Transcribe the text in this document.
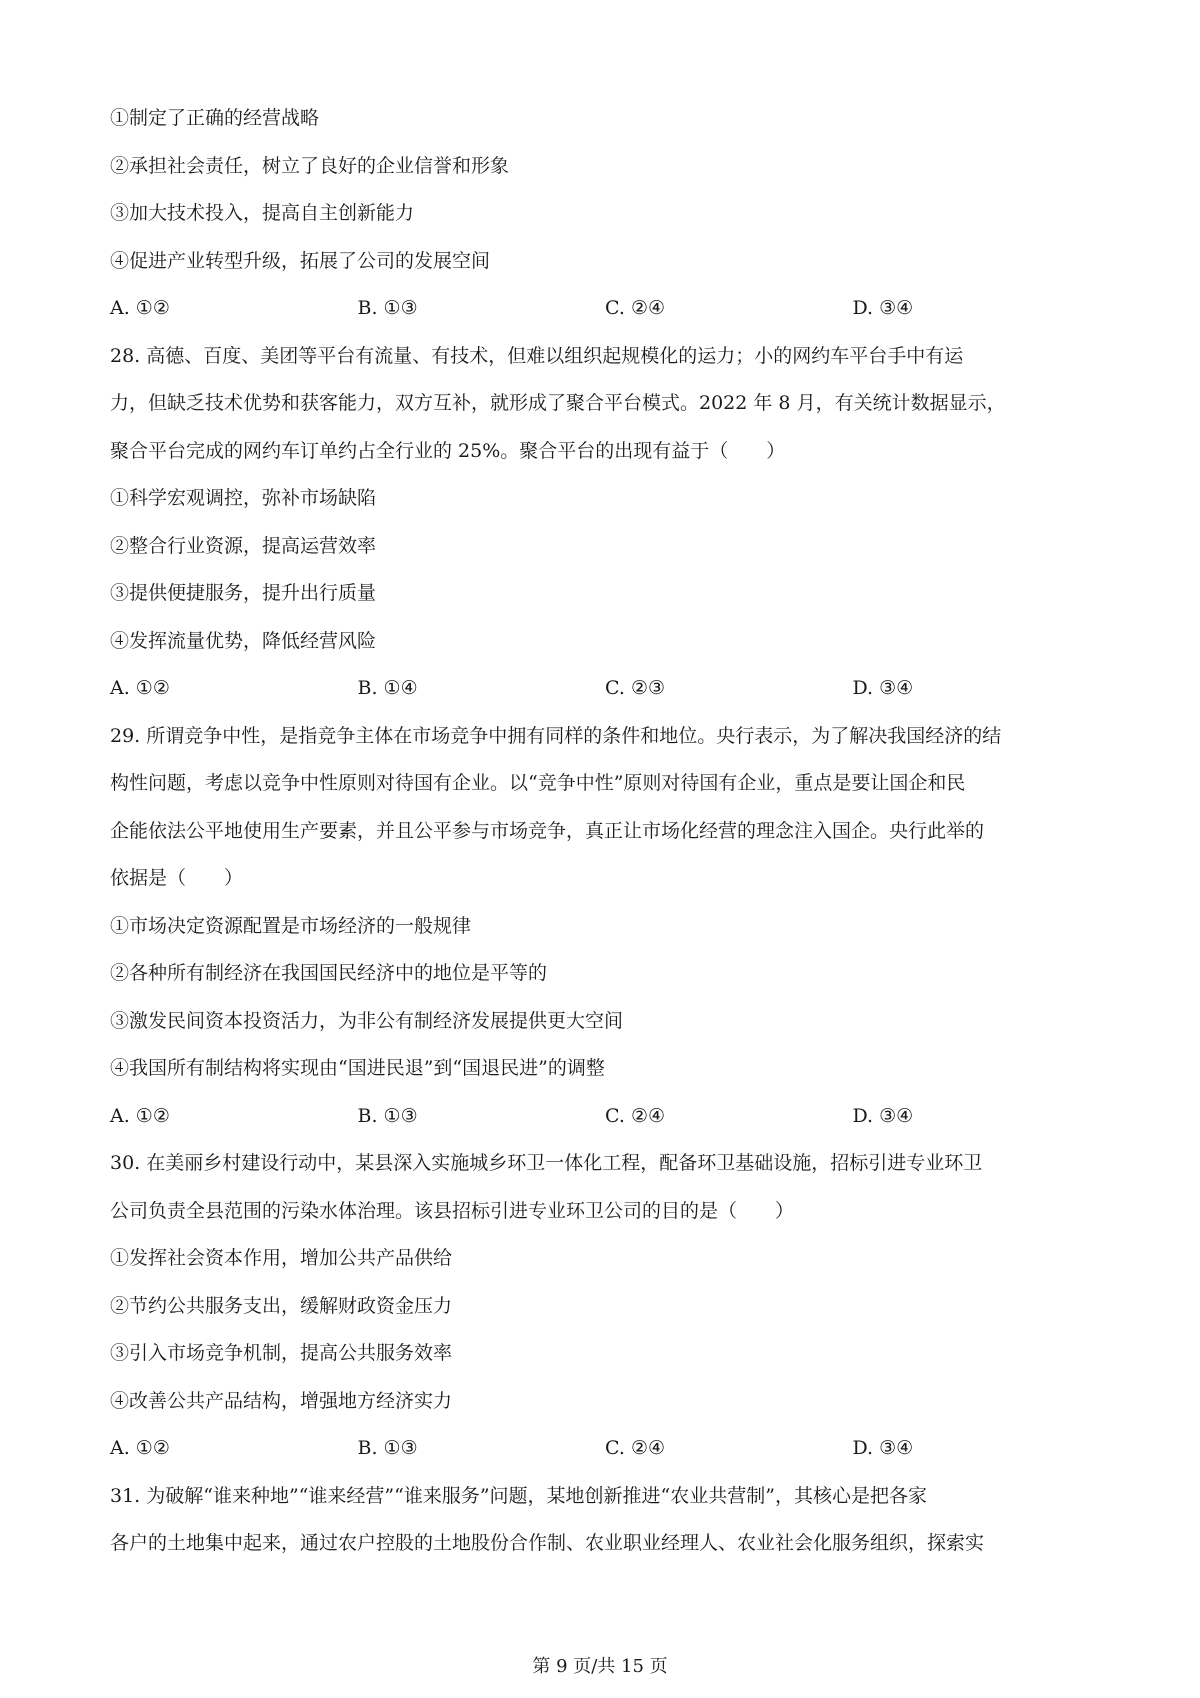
①制定了正确的经营战略

②承担社会责任，树立了良好的企业信誉和形象

③加大技术投入，提高自主创新能力

④促进产业转型升级，拓展了公司的发展空间

A. ①②	B. ①③	C. ②④	D. ③④

28. 高德、百度、美团等平台有流量、有技术，但难以组织起规模化的运力；小的网约车平台手中有运

力，但缺乏技术优势和获客能力，双方互补，就形成了聚合平台模式。2022 年 8 月，有关统计数据显示，

聚合平台完成的网约车订单约占全行业的 25%。聚合平台的出现有益于（　　）

①科学宏观调控，弥补市场缺陷

②整合行业资源，提高运营效率

③提供便捷服务，提升出行质量

④发挥流量优势，降低经营风险

A. ①②	B. ①④	C. ②③	D. ③④

29. 所谓竞争中性，是指竞争主体在市场竞争中拥有同样的条件和地位。央行表示，为了解决我国经济的结

构性问题，考虑以竞争中性原则对待国有企业。以“竞争中性”原则对待国有企业，重点是要让国企和民

企能依法公平地使用生产要素，并且公平参与市场竞争，真正让市场化经营的理念注入国企。央行此举的

依据是（　　）

①市场决定资源配置是市场经济的一般规律

②各种所有制经济在我国国民经济中的地位是平等的

③激发民间资本投资活力，为非公有制经济发展提供更大空间

④我国所有制结构将实现由“国进民退”到“国退民进”的调整

A. ①②	B. ①③	C. ②④	D. ③④

30. 在美丽乡村建设行动中，某县深入实施城乡环卫一体化工程，配备环卫基础设施，招标引进专业环卫

公司负责全县范围的污染水体治理。该县招标引进专业环卫公司的目的是（　　）

①发挥社会资本作用，增加公共产品供给

②节约公共服务支出，缓解财政资金压力

③引入市场竞争机制，提高公共服务效率

④改善公共产品结构，增强地方经济实力

A. ①②	B. ①③	C. ②④	D. ③④

31. 为破解“谁来种地”“谁来经营”“谁来服务”问题，某地创新推进“农业共营制”，其核心是把各家

各户的土地集中起来，通过农户控股的土地股份合作制、农业职业经理人、农业社会化服务组织，探索实

第 9 页/共 15 页
